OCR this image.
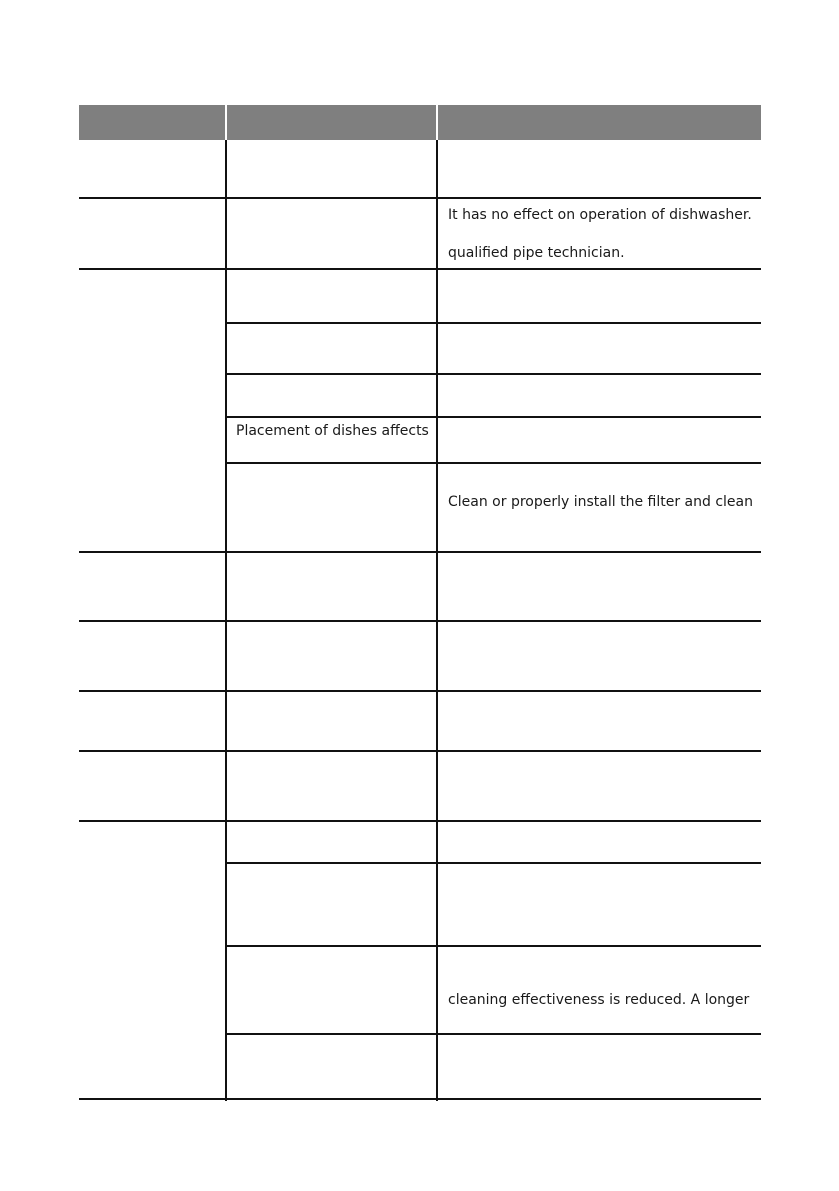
It has no effect on operation of dishwasher.
qualified pipe technician.
Placement of dishes affects
Clean or properly install the filter and clean
cleaning effectiveness is reduced. A longer
